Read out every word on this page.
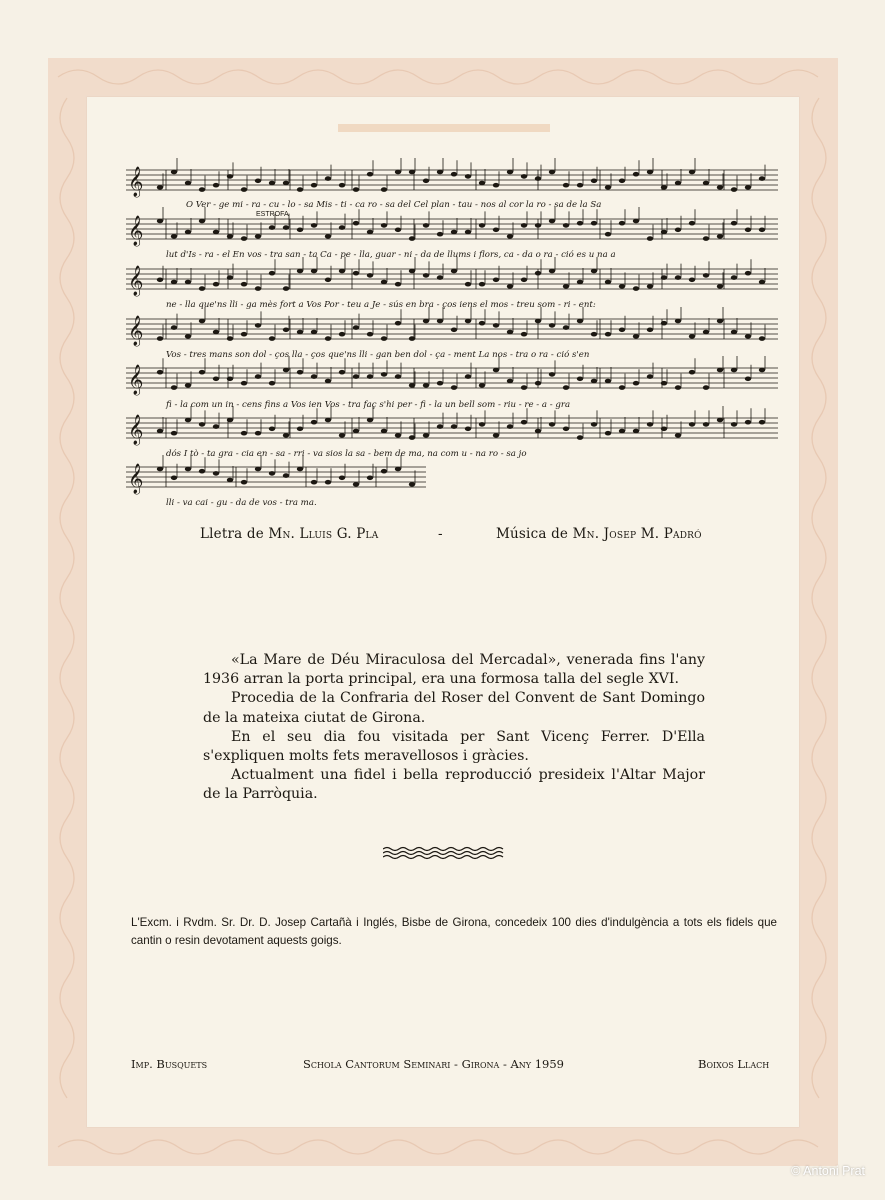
𝄞
𝄞
𝄞
𝄞
𝄞
𝄞
𝄞
ESTROFA
O Ver - ge mi - ra - cu - lo - sa Mis - ti - ca ro - sa del Cel plan - tau - nos al cor la ro - sa de la Sa
lut d'Is - ra - el En vos - tra san - ta Ca - pe - lla, guar - ni - da de llums i flors, ca - da o ra - ció es u na a
ne - lla que'ns lli - ga mès fort a Vos Por - teu a Je - sús en bra - ços iens el mos - treu som - ri - ent:
Vos - tres mans son dol - ços lla - ços que'ns lli - gan ben dol - ça - ment La nos - tra o ra - ció s'en
fi - la com un in - cens fins a Vos ien Vos - tra faç s'hi per - fi - la un bell som - riu - re - a - gra
dós I tò - ta gra - cia en - sa - rri - va sios la sa - bem de ma, na com u - na ro - sa jo
lli - va cai - gu - da de vos - tra ma.
Lletra de Mn. Lluis G. Pla	-	Música de Mn. Josep M. Padró

«La Mare de Déu Miraculosa del Mercadal», venerada fins l'any 1936 arran la porta principal, era una formosa talla del segle XVI.

Procedia de la Confraria del Roser del Convent de Sant Domingo de la mateixa ciutat de Girona.

En el seu dia fou visitada per Sant Vicenç Ferrer. D'Ella s'expliquen molts fets meravellosos i gràcies.

Actualment una fidel i bella reproducció presideix l'Altar Major de la Parròquia.

L'Excm. i Rvdm. Sr. Dr. D. Josep Cartañà i Inglés, Bisbe de Girona, concedeix 100 dies d'indulgència a tots els fidels que cantin o resin devotament aquests goigs.
Imp. Busquets	Schola Cantorum Seminari - Girona - Any 1959	Boixos Llach
© Antoni Prat
